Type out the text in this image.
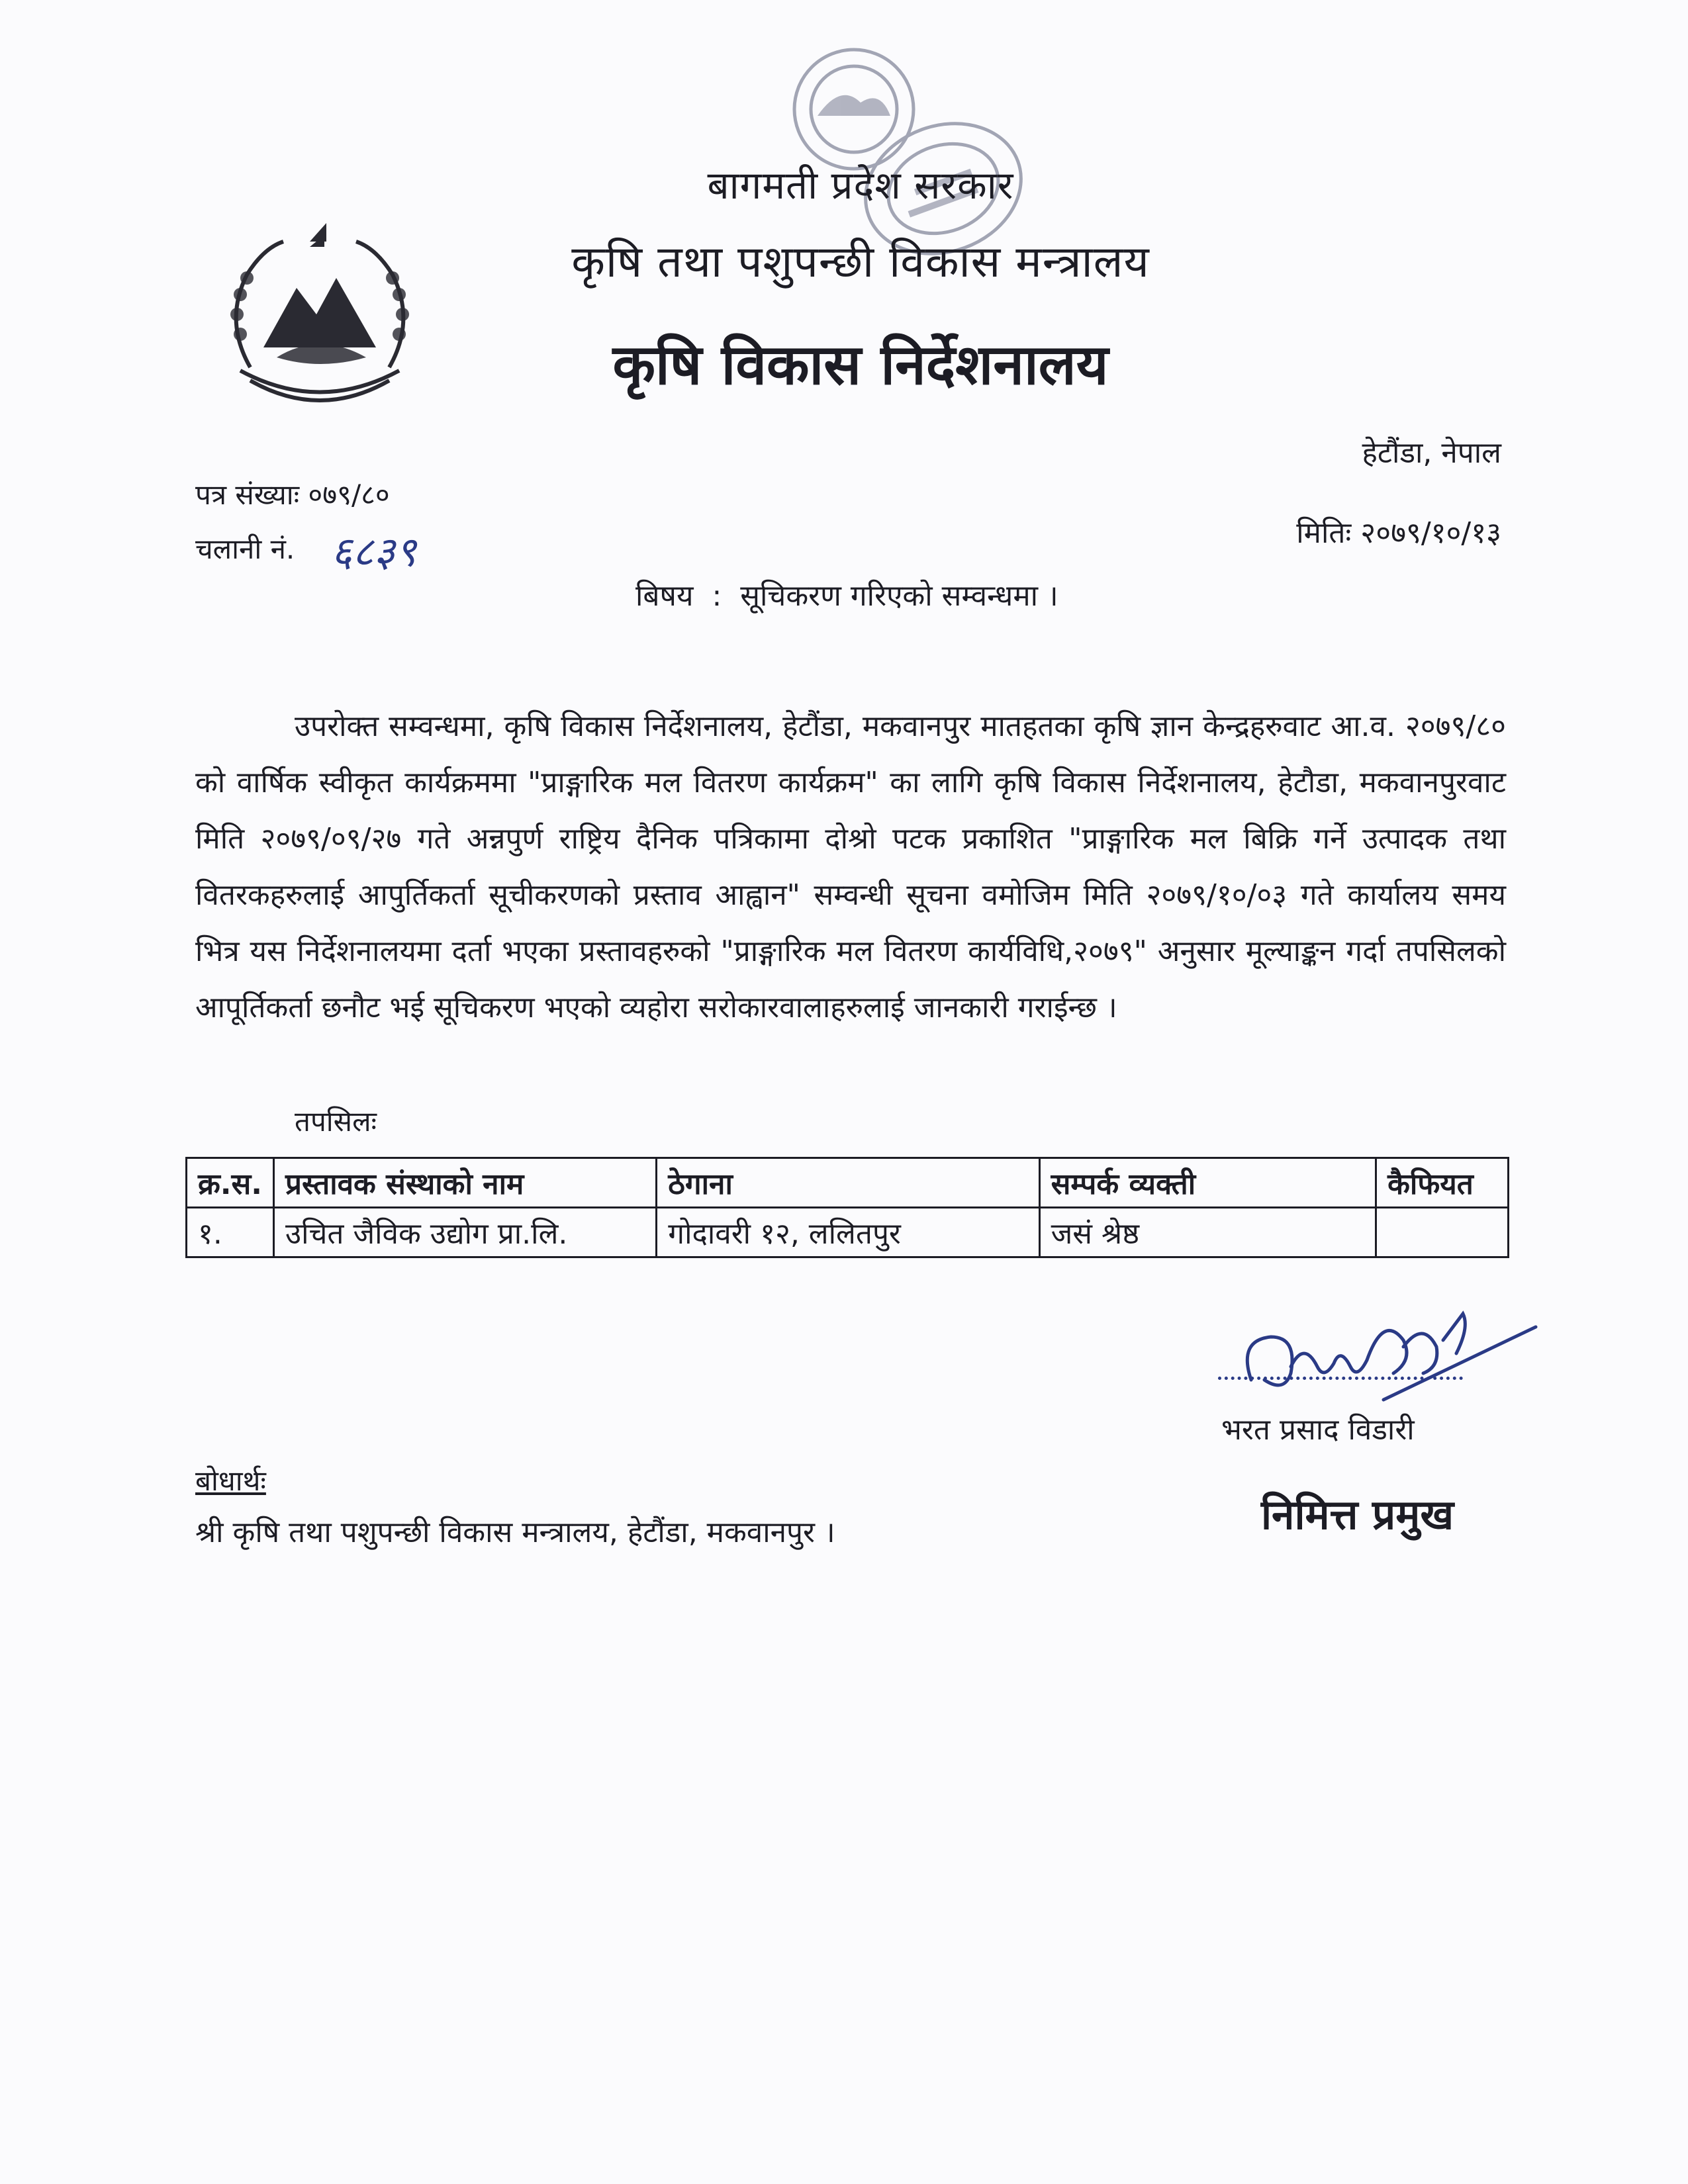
बागमती प्रदेश सरकार
कृषि तथा पशुपन्छी विकास मन्त्रालय
कृषि विकास निर्देशनालय
हेटौंडा, नेपाल
पत्र संख्याः ०७९/८०
चलानी नं. ६८३९	मितिः २०७९/१०/१३
बिषय  :  सूचिकरण गरिएको सम्वन्धमा ।

उपरोक्त सम्वन्धमा, कृषि विकास निर्देशनालय, हेटौंडा, मकवानपुर मातहतका कृषि ज्ञान केन्द्रहरुवाट आ.व. २०७९/८० को वार्षिक स्वीकृत कार्यक्रममा "प्राङ्गारिक मल वितरण कार्यक्रम" का लागि कृषि विकास निर्देशनालय, हेटौडा, मकवानपुरवाट मिति २०७९/०९/२७ गते अन्नपुर्ण राष्ट्रिय दैनिक पत्रिकामा दोश्रो पटक प्रकाशित "प्राङ्गारिक मल बिक्रि गर्ने उत्पादक तथा वितरकहरुलाई आपुर्तिकर्ता सूचीकरणको प्रस्ताव आह्वान" सम्वन्धी सूचना वमोजिम मिति २०७९/१०/०३ गते कार्यालय समय भित्र यस निर्देशनालयमा दर्ता भएका प्रस्तावहरुको "प्राङ्गारिक मल वितरण कार्यविधि,२०७९" अनुसार मूल्याङ्कन गर्दा तपसिलको आपूर्तिकर्ता छनौट भई सूचिकरण भएको व्यहोरा सरोकारवालाहरुलाई जानकारी गराईन्छ ।

तपसिलः
क्र.स.	प्रस्तावक संस्थाको नाम	ठेगाना	सम्पर्क व्यक्ती	कैफियत
१.	उचित जैविक उद्योग प्रा.लि.	गोदावरी १२, ललितपुर	जसं श्रेष्ठ	
भरत प्रसाद विडारी
निमित्त प्रमुख
बोधार्थः
श्री कृषि तथा पशुपन्छी विकास मन्त्रालय, हेटौंडा, मकवानपुर ।
